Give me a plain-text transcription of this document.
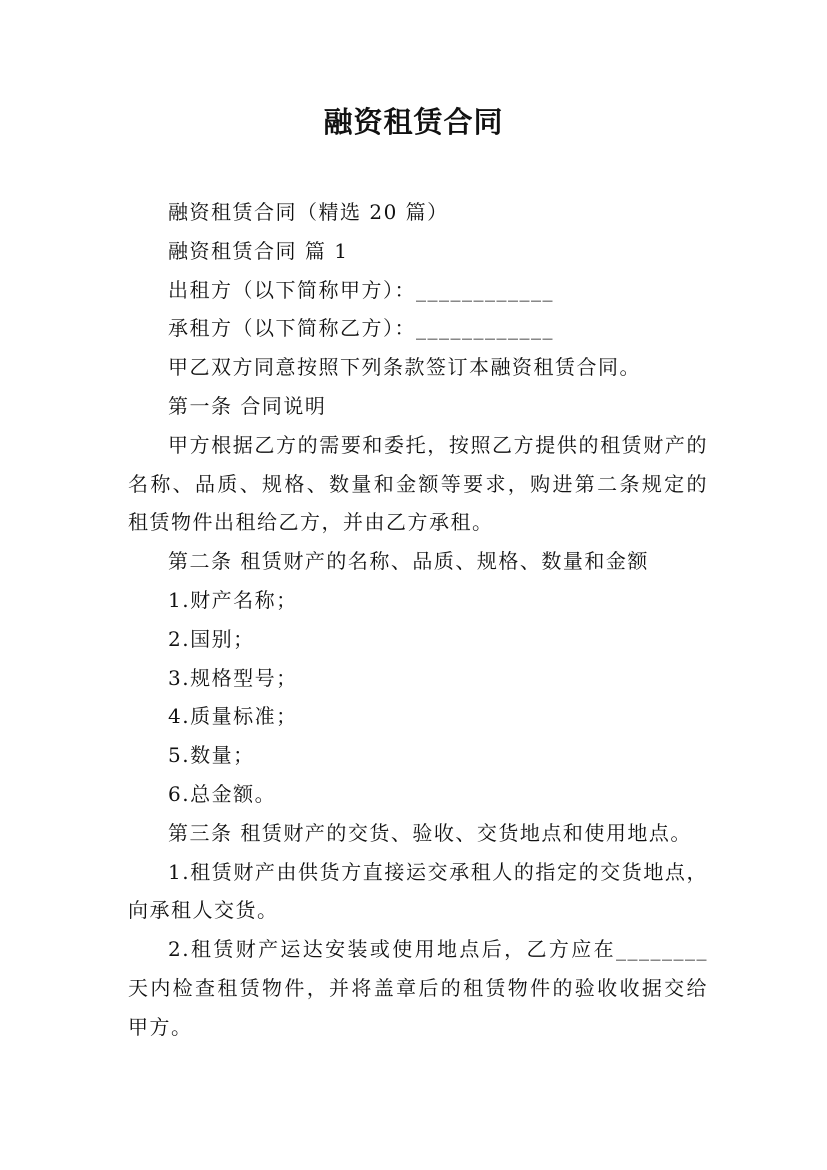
融资租赁合同

融资租赁合同（精选 20 篇）

融资租赁合同 篇 1

出租方（以下简称甲方）：____________

承租方（以下简称乙方）：____________

甲乙双方同意按照下列条款签订本融资租赁合同。

第一条 合同说明

甲方根据乙方的需要和委托，按照乙方提供的租赁财产的名称、品质、规格、数量和金额等要求，购进第二条规定的租赁物件出租给乙方，并由乙方承租。

第二条 租赁财产的名称、品质、规格、数量和金额

1.财产名称；

2.国别；

3.规格型号；

4.质量标准；

5.数量；

6.总金额。

第三条 租赁财产的交货、验收、交货地点和使用地点。

1.租赁财产由供货方直接运交承租人的指定的交货地点，向承租人交货。

2.租赁财产运达安装或使用地点后，乙方应在________天内检查租赁物件，并将盖章后的租赁物件的验收收据交给甲方。
